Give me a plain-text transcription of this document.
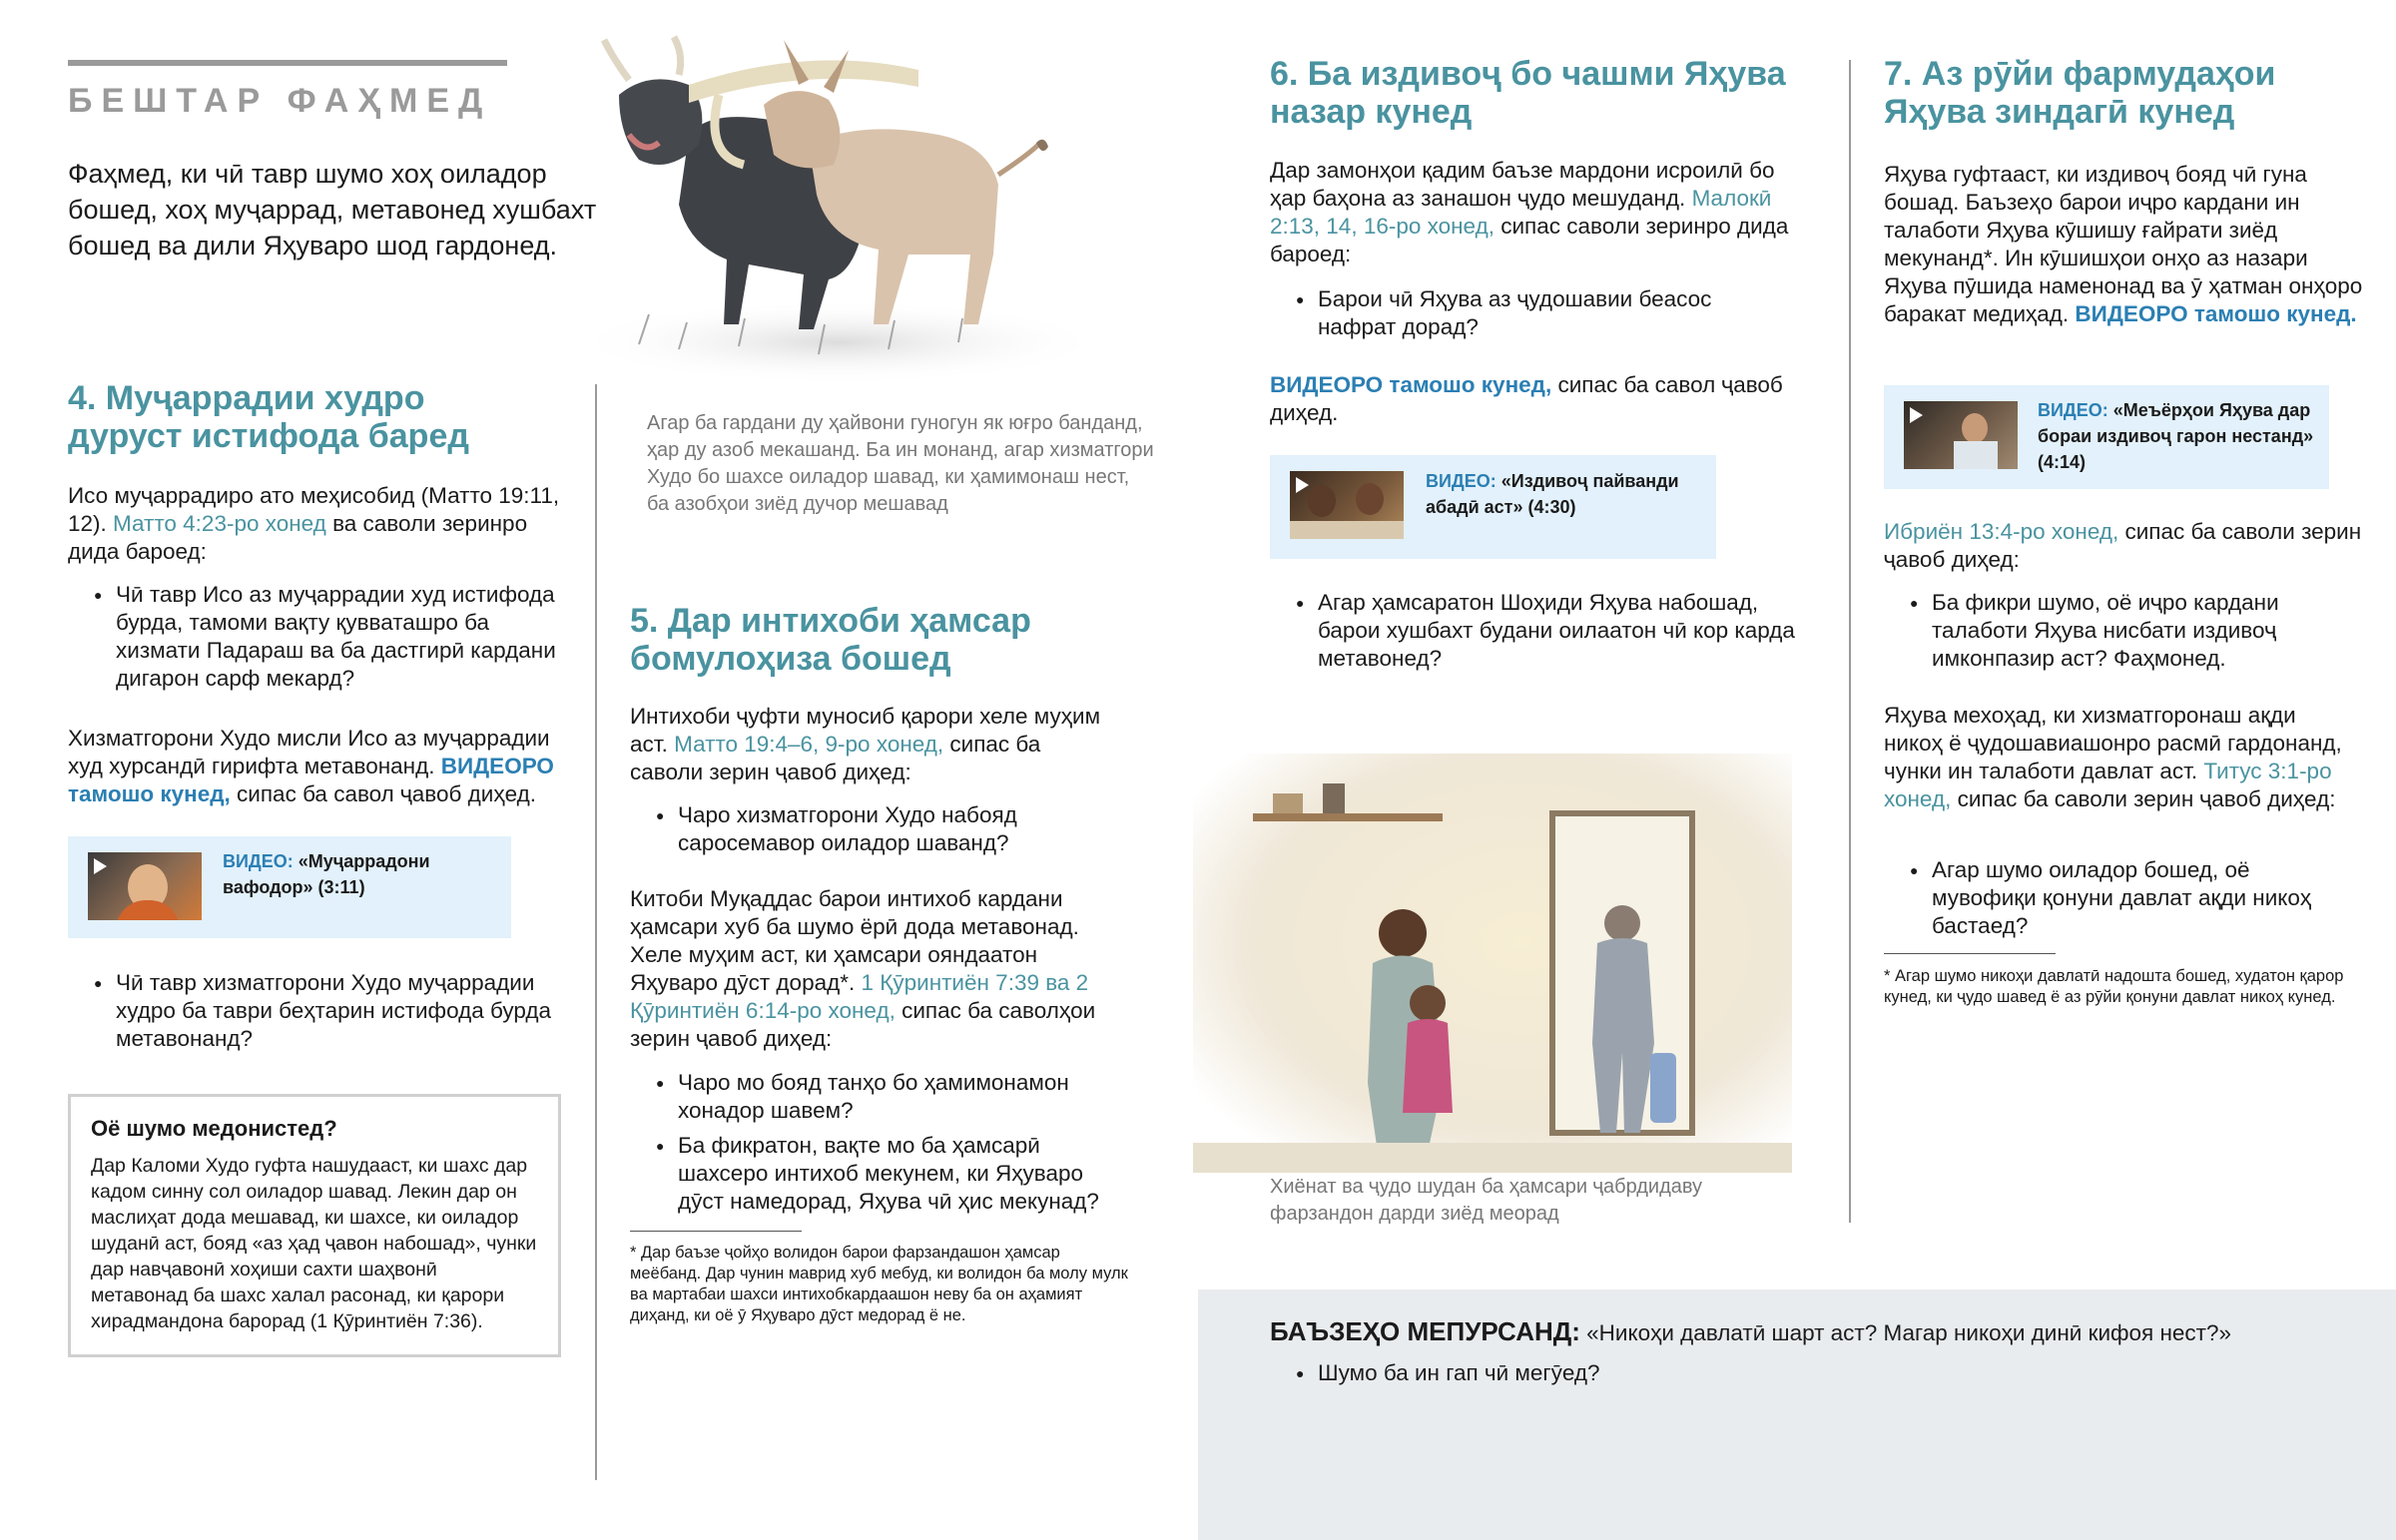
БЕШТАР ФАҲМЕД

Фаҳмед, ки чӣ тавр шумо хоҳ оиладор бошед, хоҳ муҷаррад, метавонед хушбахт бошед ва дили Яҳуваро шод гардонед.

4. Муҷаррадии худро дуруст истифода баред

Исо муҷаррадиро ато меҳисобид (Матто 19:11, 12). Матто 4:23-ро хонед ва саволи зеринро дида бароед:

● Чӣ тавр Исо аз муҷаррадии худ истифода бурда, тамоми вақту қувваташро ба хизмати Падараш ва ба дастгирӣ кардани дигарон сарф мекард?

Хизматгорони Худо мисли Исо аз муҷаррадии худ хурсандӣ гирифта метавонанд. ВИДЕОРО тамошо кунед, сипас ба савол ҷавоб диҳед.

ВИДЕО: «Муҷаррадони вафодор» (3:11)
● Чӣ тавр хизматгорони Худо муҷаррадии худро ба таври беҳтарин истифода бурда метавонанд?
Оё шумо медонистед?

Дар Каломи Худо гуфта нашудааст, ки шахс дар кадом синну сол оиладор шавад. Лекин дар он маслиҳат дода мешавад, ки шахсе, ки оиладор шуданӣ аст, бояд «аз ҳад ҷавон набошад», чунки дар навҷавонӣ хоҳиши сахти шаҳвонӣ метавонад ба шахс халал расонад, ки қарори хирадмандона барорад (1 Қӯринтиён 7:36).

Агар ба гардани ду ҳайвони гуногун як юғро банданд, ҳар ду азоб мекашанд. Ба ин монанд, агар хизматгори Худо бо шахсе оиладор шавад, ки ҳамимонаш нест, ба азобҳои зиёд дучор мешавад

5. Дар интихоби ҳамсар бомулоҳиза бошед

Интихоби ҷуфти муносиб қарори хеле муҳим аст. Матто 19:4–6, 9-ро хонед, сипас ба саволи зерин ҷавоб диҳед:

● Чаро хизматгорони Худо набояд саросемавор оиладор шаванд?

Китоби Муқаддас барои интихоб кардани ҳамсари хуб ба шумо ёрӣ дода метавонад. Хеле муҳим аст, ки ҳамсари ояндаатон Яҳуваро дӯст дорад*. 1 Қӯринтиён 7:39 ва 2 Қӯринтиён 6:14-ро хонед, сипас ба саволҳои зерин ҷавоб диҳед:

● Чаро мо бояд танҳо бо ҳамимонамон хонадор шавем?
● Ба фикратон, вақте мо ба ҳамсарӣ шахсеро интихоб мекунем, ки Яҳуваро дӯст намедорад, Яҳува чӣ ҳис мекунад?

* Дар баъзе ҷойҳо волидон барои фарзандашон ҳамсар меёбанд. Дар чунин маврид хуб мебуд, ки волидон ба молу мулк ва мартабаи шахси интихобкардаашон неву ба он аҳамият диҳанд, ки оё ӯ Яҳуваро дӯст медорад ё не.

6. Ба издивоҷ бо чашми Яҳува назар кунед

Дар замонҳои қадим баъзе мардони исроилӣ бо ҳар баҳона аз занашон ҷудо мешуданд. Малокӣ 2:13, 14, 16-ро хонед, сипас саволи зеринро дида бароед:

● Барои чӣ Яҳува аз ҷудошавии беасос нафрат дорад?

ВИДЕОРО тамошо кунед, сипас ба савол ҷавоб диҳед.

ВИДЕО: «Издивоҷ пайванди абадӣ аст» (4:30)
● Агар ҳамсаратон Шоҳиди Яҳува набошад, барои хушбахт будани оилаатон чӣ кор карда метавонед?

Хиёнат ва ҷудо шудан ба ҳамсари ҷабрдидаву фарзандон дарди зиёд меорад

7. Аз рӯйи фармудаҳои Яҳува зиндагӣ кунед

Яҳува гуфтааст, ки издивоҷ бояд чӣ гуна бошад. Баъзеҳо барои иҷро кардани ин талаботи Яҳува кӯшишу ғайрати зиёд мекунанд*. Ин кӯшишҳои онҳо аз назари Яҳува пӯшида наменонад ва ӯ ҳатман онҳоро баракат медиҳад. ВИДЕОРО тамошо кунед.

ВИДЕО: «Меъёрҳои Яҳува дар бораи издивоҷ гарон нестанд» (4:14)

Ибриён 13:4-ро хонед, сипас ба саволи зерин ҷавоб диҳед:

● Ба фикри шумо, оё иҷро кардани талаботи Яҳува нисбати издивоҷ имконпазир аст? Фаҳмонед.

Яҳува мехоҳад, ки хизматгоронаш ақди никоҳ ё ҷудошавиашонро расмӣ гардонанд, чунки ин талаботи давлат аст. Титус 3:1-ро хонед, сипас ба саволи зерин ҷавоб диҳед:

● Агар шумо оиладор бошед, оё мувофиқи қонуни давлат ақди никоҳ бастаед?

* Агар шумо никоҳи давлатӣ надошта бошед, худатон қарор кунед, ки ҷудо шавед ё аз рӯйи қонуни давлат никоҳ кунед.

БАЪЗЕҲО МЕПУРСАНД: «Никоҳи давлатӣ шарт аст? Магар никоҳи динӣ кифоя нест?»

● Шумо ба ин гап чӣ мегӯед?
